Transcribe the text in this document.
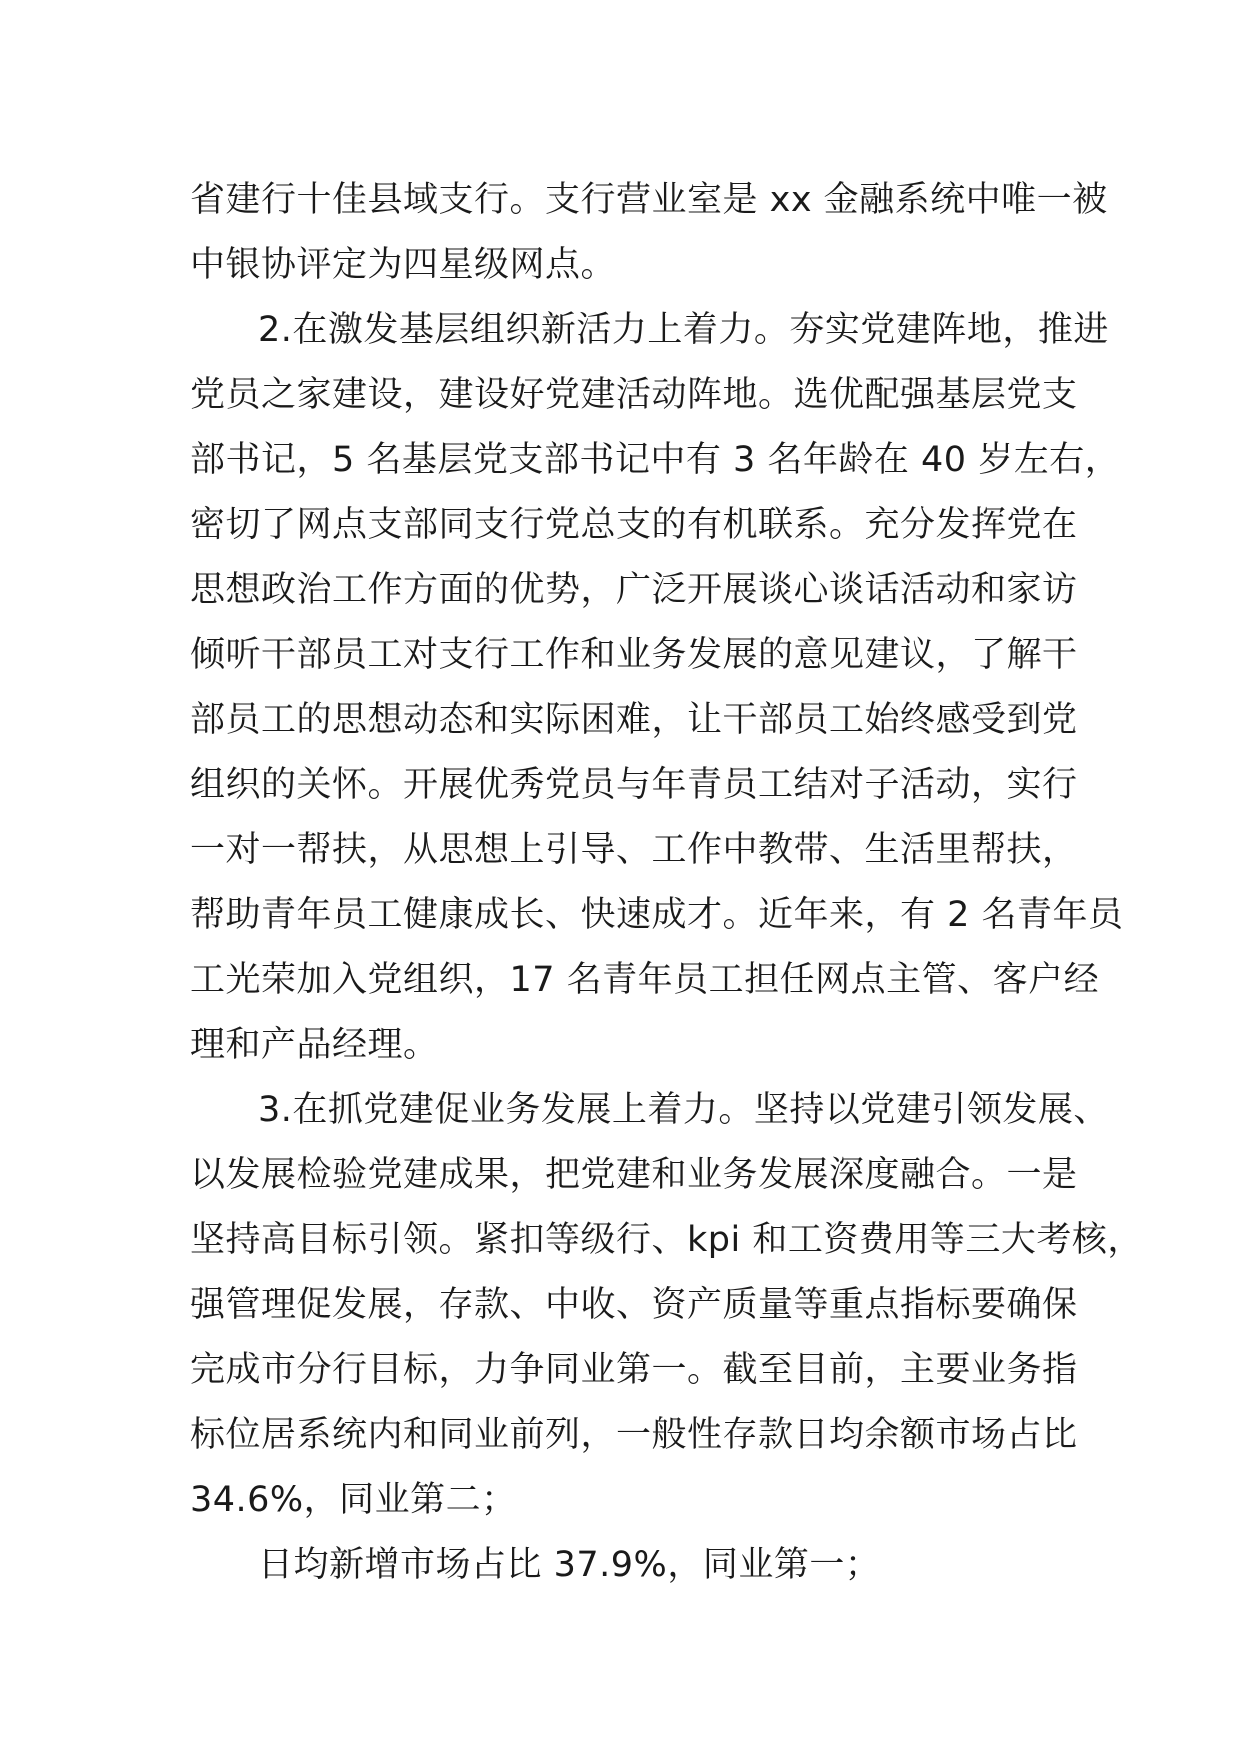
省建行十佳县域支行。支行营业室是 xx 金融系统中唯一被
中银协评定为四星级网点。
2.在激发基层组织新活力上着力。夯实党建阵地，推进
党员之家建设，建设好党建活动阵地。选优配强基层党支
部书记，5 名基层党支部书记中有 3 名年龄在 40 岁左右，
密切了网点支部同支行党总支的有机联系。充分发挥党在
思想政治工作方面的优势，广泛开展谈心谈话活动和家访
倾听干部员工对支行工作和业务发展的意见建议，了解干
部员工的思想动态和实际困难，让干部员工始终感受到党
组织的关怀。开展优秀党员与年青员工结对子活动，实行
一对一帮扶，从思想上引导、工作中教带、生活里帮扶，
帮助青年员工健康成长、快速成才。近年来，有 2 名青年员
工光荣加入党组织，17 名青年员工担任网点主管、客户经
理和产品经理。
3.在抓党建促业务发展上着力。坚持以党建引领发展、
以发展检验党建成果，把党建和业务发展深度融合。一是
坚持高目标引领。紧扣等级行、kpi 和工资费用等三大考核，
强管理促发展，存款、中收、资产质量等重点指标要确保
完成市分行目标，力争同业第一。截至目前，主要业务指
标位居系统内和同业前列，一般性存款日均余额市场占比
34.6%，同业第二；
日均新增市场占比 37.9%，同业第一；
